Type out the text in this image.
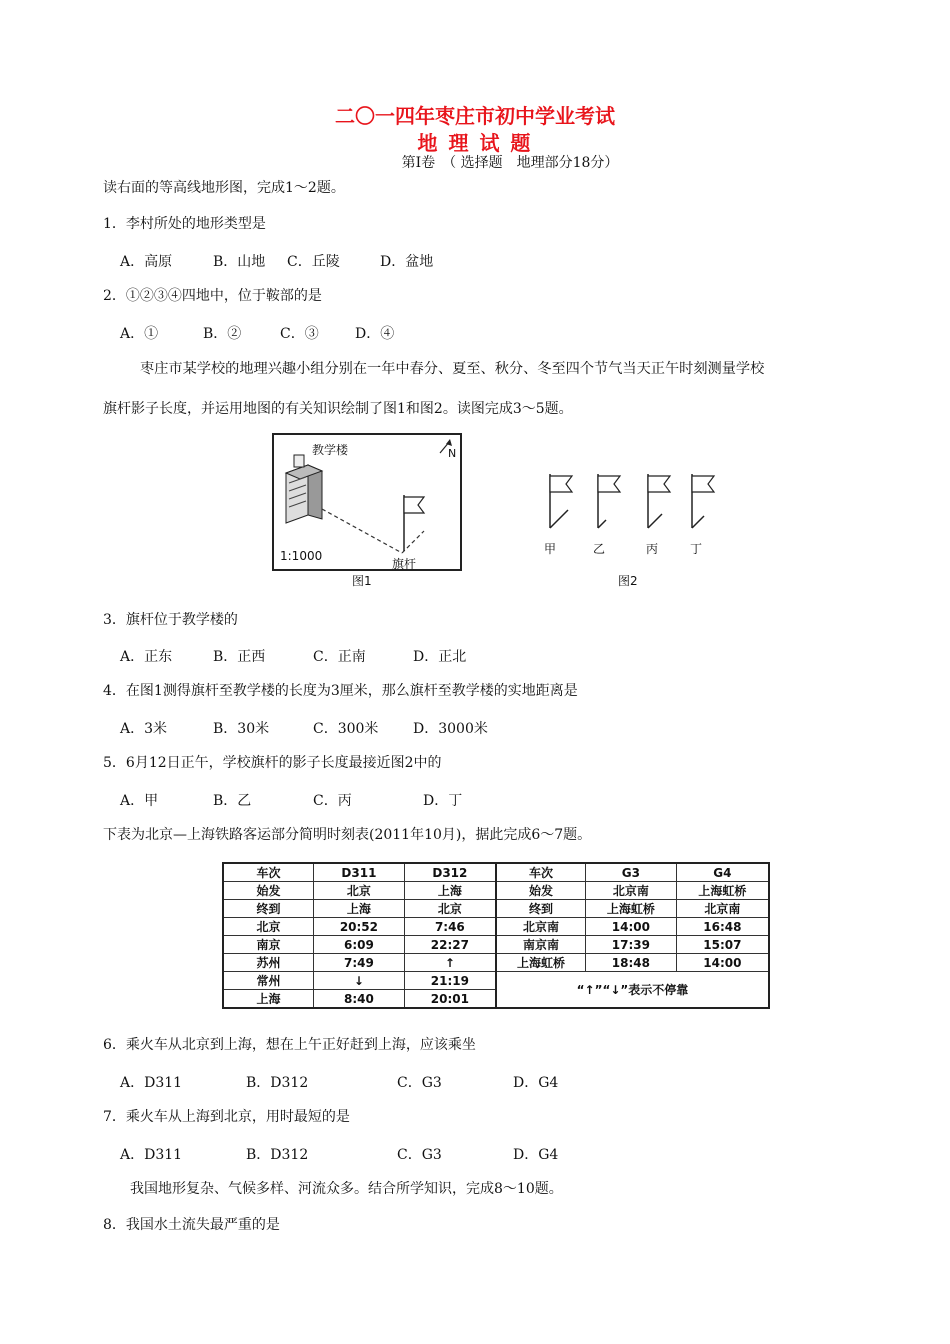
二〇一四年枣庄市初中学业考试
地 理 试 题
第Ⅰ卷　（ 选择题　地理部分18分）
读右面的等高线地形图，完成1～2题。
1．李村所处的地形类型是
A．高原	B．山地 C．丘陵	D．盆地
2．①②③④四地中，位于鞍部的是
A．①	B．②	C．③	D．④
枣庄市某学校的地理兴趣小组分别在一年中春分、夏至、秋分、冬至四个节气当天正午时刻测量学校
旗杆影子长度，并运用地图的有关知识绘制了图1和图2。读图完成3～5题。
教学楼	N
1:1000
旗杆
图1
甲	乙	丙	丁
图2
3．旗杆位于教学楼的
A．正东	B．正西	C．正南	D．正北
4．在图1测得旗杆至教学楼的长度为3厘米，那么旗杆至教学楼的实地距离是
A．3米	B．30米	C．300米 D．3000米
5．6月12日正午，学校旗杆的影子长度最接近图2中的
A．甲	B．乙	C．丙	D．丁
下表为北京—上海铁路客运部分简明时刻表(2011年10月)，据此完成6～7题。
车次	D311	D312	车次	G3	G4
始发	北京	上海	始发	北京南	上海虹桥
终到	上海	北京	终到	上海虹桥	北京南
北京	20:52	7:46	北京南	14:00	16:48
南京	6:09	22:27	南京南	17:39	15:07
苏州	7:49	↑	上海虹桥	18:48	14:00
常州	↓	21:19	“↑”“↓”表示不停靠		
上海	8:40	20:01			
6．乘火车从北京到上海，想在上午正好赶到上海，应该乘坐
A．D311	B．D312	C．G3	D．G4
7．乘火车从上海到北京，用时最短的是
A．D311	B．D312	C．G3	D．G4
我国地形复杂、气候多样、河流众多。结合所学知识，完成8～10题。
8．我国水土流失最严重的是
